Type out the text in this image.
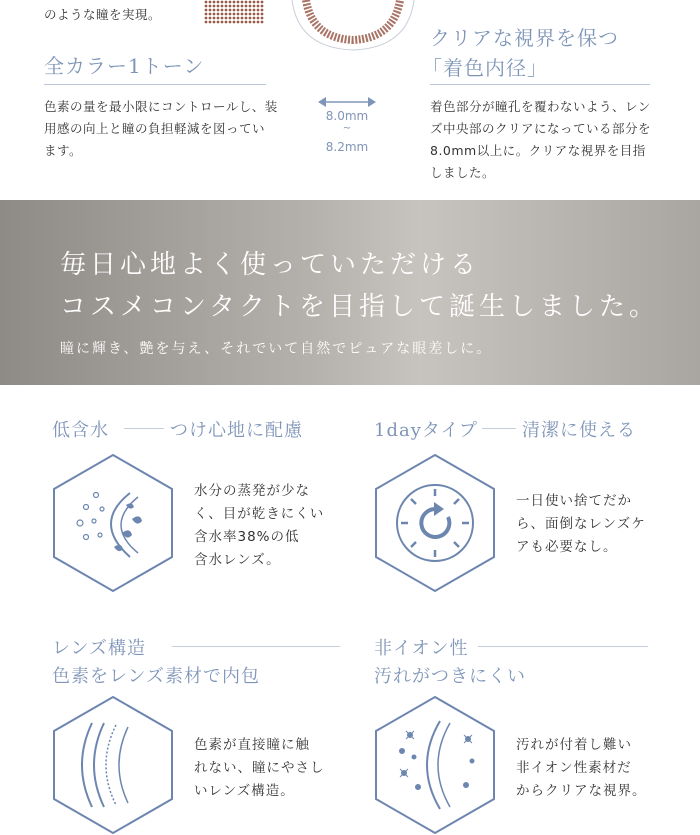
のような瞳を実現。
全カラー1トーン
色素の量を最小限にコントロールし、装
用感の向上と瞳の負担軽減を図ってい
ます。
8.0mm
~
8.2mm
クリアな視界を保つ
「着色内径」
着色部分が瞳孔を覆わないよう、レン
ズ中央部のクリアになっている部分を
8.0mm以上に。クリアな視界を目指
しました。
毎日心地よく使っていただける
コスメコンタクトを目指して誕生しました。
瞳に輝き、艶を与え、それでいて自然でピュアな眼差しに。
低含水	つけ心地に配慮
水分の蒸発が少な
く、目が乾きにくい
含水率38%の低
含水レンズ。
1dayタイプ 清潔に使える
一日使い捨てだか
ら、面倒なレンズケ
アも必要なし。
レンズ構造
色素をレンズ素材で内包
色素が直接瞳に触
れない、瞳にやさし
いレンズ構造。
非イオン性
汚れがつきにくい
汚れが付着し難い
非イオン性素材だ
からクリアな視界。
